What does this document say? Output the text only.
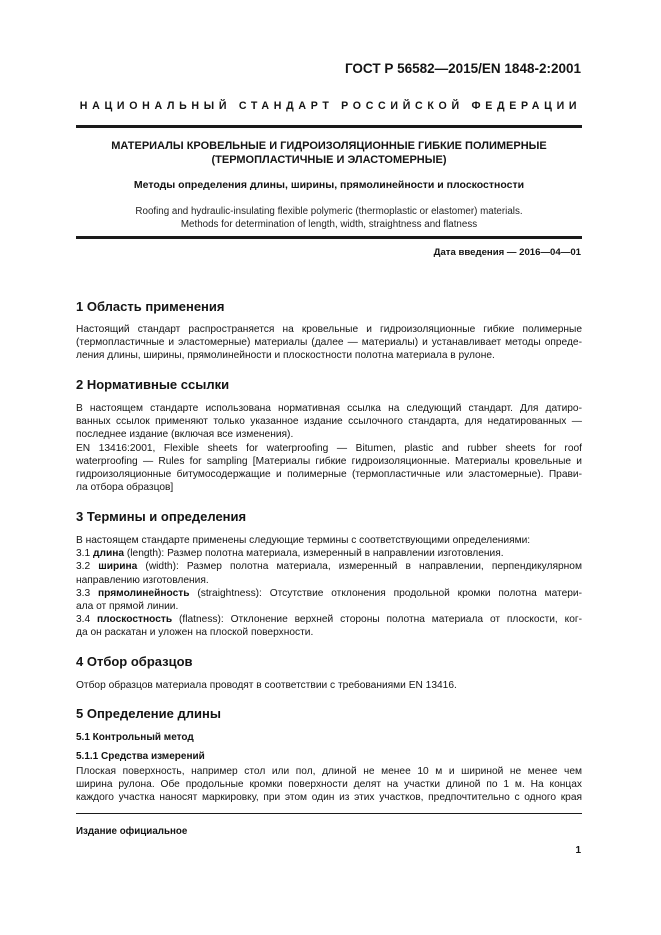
ГОСТ Р 56582—2015/EN 1848-2:2001
НАЦИОНАЛЬНЫЙ СТАНДАРТ РОССИЙСКОЙ ФЕДЕРАЦИИ
МАТЕРИАЛЫ КРОВЕЛЬНЫЕ И ГИДРОИЗОЛЯЦИОННЫЕ ГИБКИЕ ПОЛИМЕРНЫЕ
(ТЕРМОПЛАСТИЧНЫЕ И ЭЛАСТОМЕРНЫЕ)
Методы определения длины, ширины, прямолинейности и плоскостности
Roofing and hydraulic-insulating flexible polymeric (thermoplastic or elastomer) materials.
Methods for determination of length, width, straightness and flatness
Дата введения — 2016—04—01
1 Область применения
Настоящий стандарт распространяется на кровельные и гидроизоляционные гибкие полимерные
(термопластичные и эластомерные) материалы (далее — материалы) и устанавливает методы опреде-
ления длины, ширины, прямолинейности и плоскостности полотна материала в рулоне.
2 Нормативные ссылки
В настоящем стандарте использована нормативная ссылка на следующий стандарт. Для датиро-
ванных ссылок применяют только указанное издание ссылочного стандарта, для недатированных —
последнее издание (включая все изменения).
EN 13416:2001, Flexible sheets for waterproofing — Bitumen, plastic and rubber sheets for roof
waterproofing — Rules for sampling [Материалы гибкие гидроизоляционные. Материалы кровельные и
гидроизоляционные битумосодержащие и полимерные (термопластичные или эластомерные). Прави-
ла отбора образцов]
3 Термины и определения
В настоящем стандарте применены следующие термины с соответствующими определениями:
3.1 длина (length): Размер полотна материала, измеренный в направлении изготовления.
3.2 ширина (width): Размер полотна материала, измеренный в направлении, перпендикулярном
направлению изготовления.
3.3 прямолинейность (straightness): Отсутствие отклонения продольной кромки полотна матери-
ала от прямой линии.
3.4 плоскостность (flatness): Отклонение верхней стороны полотна материала от плоскости, ког-
да он раскатан и уложен на плоской поверхности.
4 Отбор образцов
Отбор образцов материала проводят в соответствии с требованиями EN 13416.
5 Определение длины
5.1 Контрольный метод
5.1.1 Средства измерений
Плоская поверхность, например стол или пол, длиной не менее 10 м и шириной не менее чем
ширина рулона. Обе продольные кромки поверхности делят на участки длиной по 1 м. На концах
каждого участка наносят маркировку, при этом один из этих участков, предпочтительно с одного края
Издание официальное
1
